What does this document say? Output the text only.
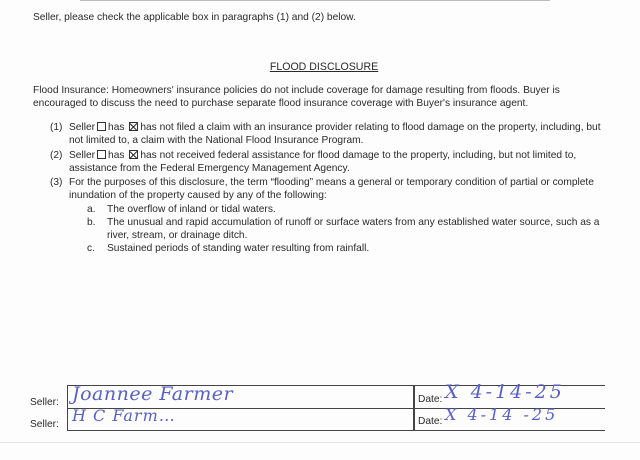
Seller, please check the applicable box in paragraphs (1) and (2) below.
FLOOD DISCLOSURE
Flood Insurance: Homeowners' insurance policies do not include coverage for damage resulting from floods. Buyer is encouraged to discuss the need to purchase separate flood insurance coverage with Buyer's insurance agent.
(1) Seller has has not filed a claim with an insurance provider relating to flood damage on the property, including, but not limited to, a claim with the National Flood Insurance Program.
(2) Seller has has not received federal assistance for flood damage to the property, including, but not limited to, assistance from the Federal Emergency Management Agency.
(3) For the purposes of this disclosure, the term “flooding” means a general or temporary condition of partial or complete inundation of the property caused by any of the following:
a.	The overflow of inland or tidal waters.
b.	The unusual and rapid accumulation of runoff or surface waters from any established water source, such as a river, stream, or drainage ditch.
c.	Sustained periods of standing water resulting from rainfall.
Seller: Joannee Farmer	Date: X 4-14-25
Seller: H C Farm…	Date: X 4-14 -25
